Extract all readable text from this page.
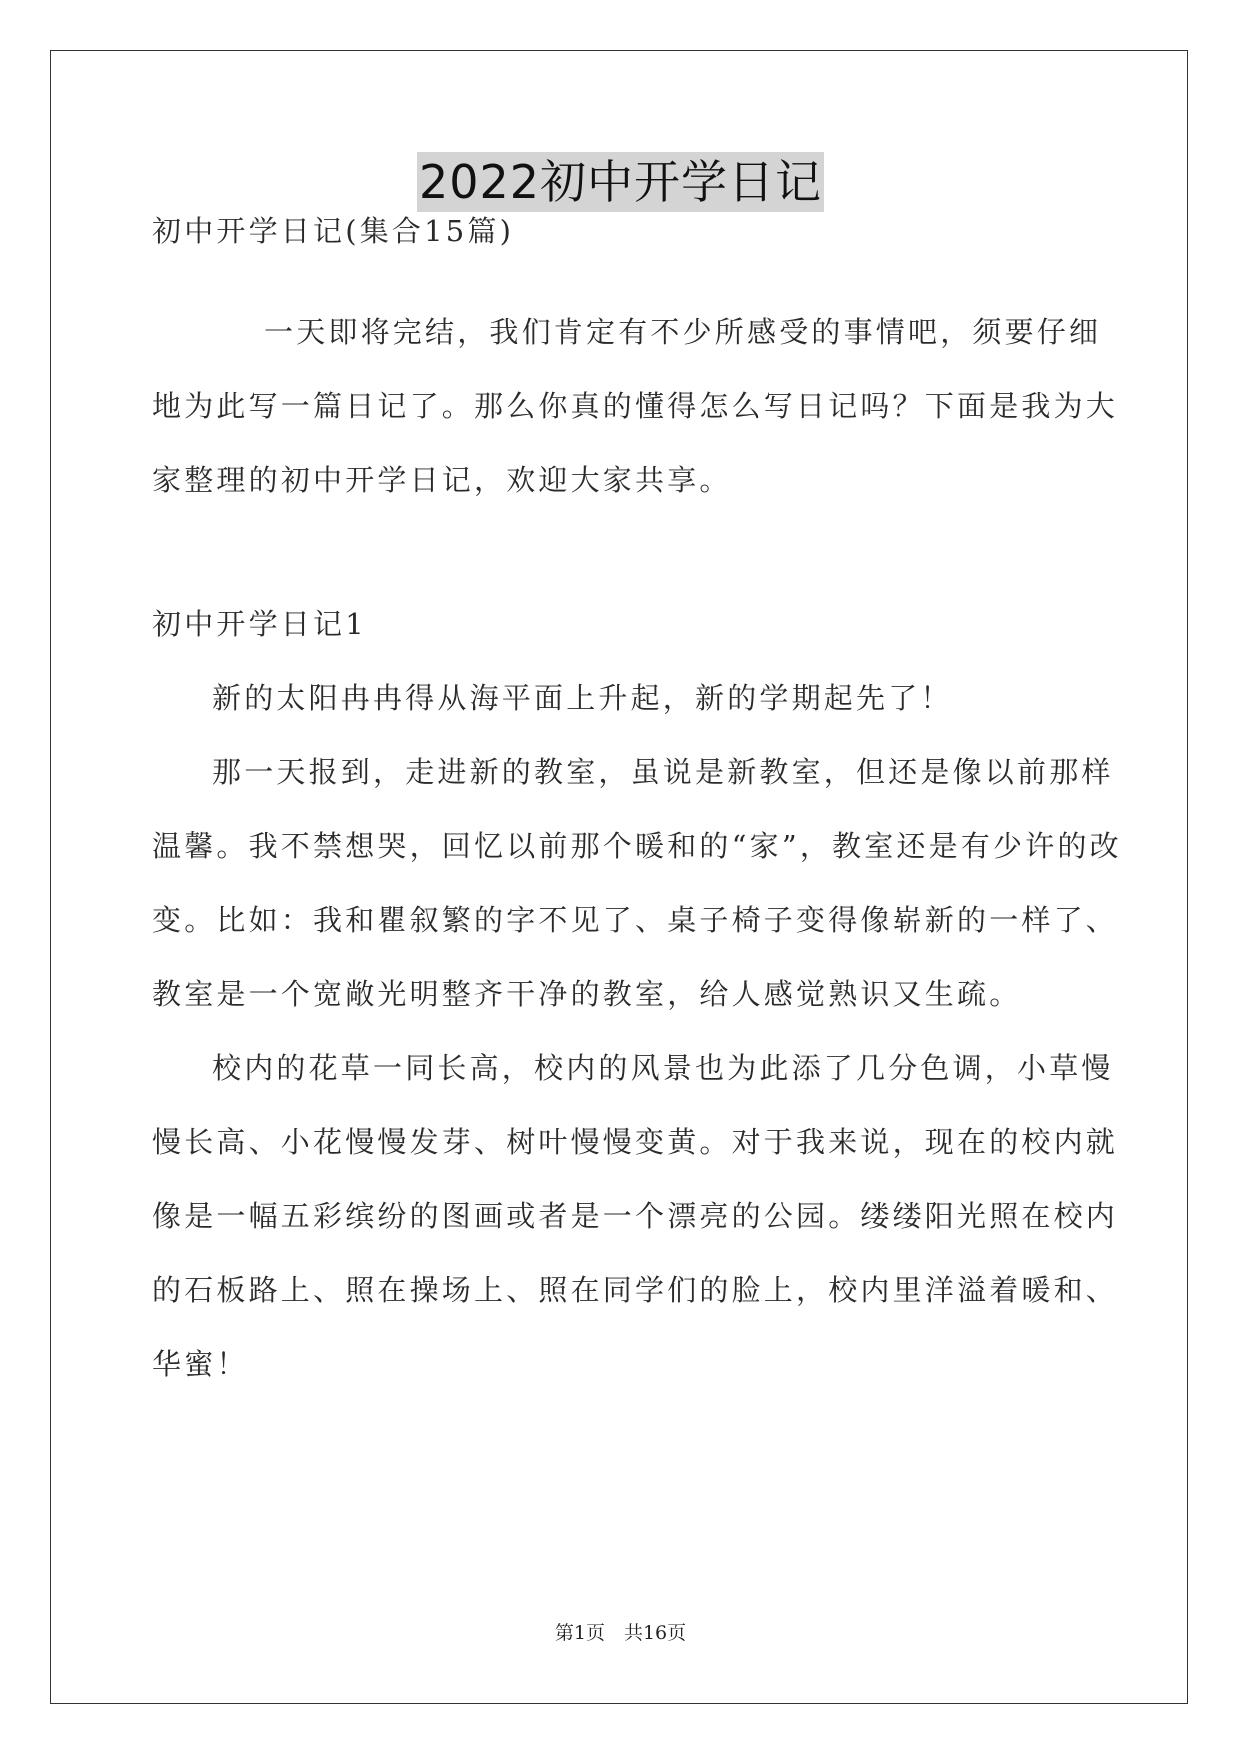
2022初中开学日记
初中开学日记(集合15篇)
一天即将完结，我们肯定有不少所感受的事情吧，须要仔细
地为此写一篇日记了。那么你真的懂得怎么写日记吗？下面是我为大
家整理的初中开学日记，欢迎大家共享。
初中开学日记1
新的太阳冉冉得从海平面上升起，新的学期起先了！
那一天报到，走进新的教室，虽说是新教室，但还是像以前那样
温馨。我不禁想哭，回忆以前那个暖和的“家”，教室还是有少许的改
变。比如：我和瞿叙繁的字不见了、桌子椅子变得像崭新的一样了、
教室是一个宽敞光明整齐干净的教室，给人感觉熟识又生疏。
校内的花草一同长高，校内的风景也为此添了几分色调，小草慢
慢长高、小花慢慢发芽、树叶慢慢变黄。对于我来说，现在的校内就
像是一幅五彩缤纷的图画或者是一个漂亮的公园。缕缕阳光照在校内
的石板路上、照在操场上、照在同学们的脸上，校内里洋溢着暖和、
华蜜！
第1页　共16页
